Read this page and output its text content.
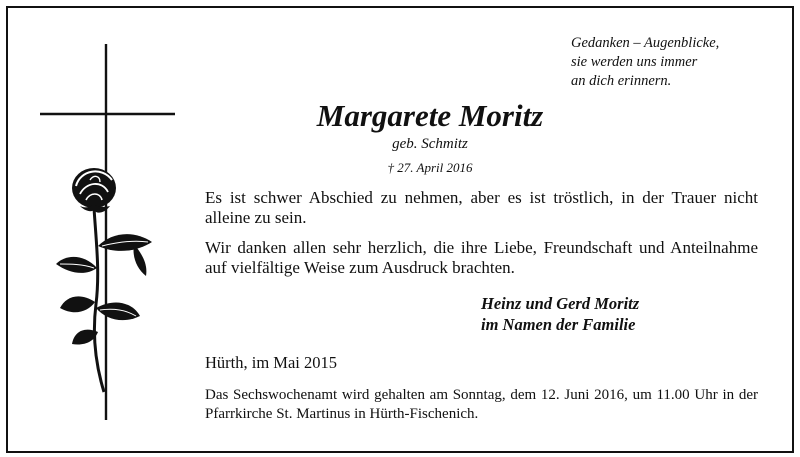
Gedanken – Augenblicke,
sie werden uns immer
an dich erinnern.
Margarete Moritz
geb. Schmitz
† 27. April 2016

Es ist schwer Abschied zu nehmen, aber es ist tröstlich, in der Trauer nicht alleine zu sein.

Wir danken allen sehr herzlich, die ihre Liebe, Freundschaft und Anteilnahme auf vielfältige Weise zum Ausdruck brachten.

Heinz und Gerd Moritz
im Namen der Familie
Hürth, im Mai 2015
Das Sechswochenamt wird gehalten am Sonntag, dem 12. Juni 2016, um 11.00 Uhr in der Pfarrkirche St. Martinus in Hürth-Fischenich.
